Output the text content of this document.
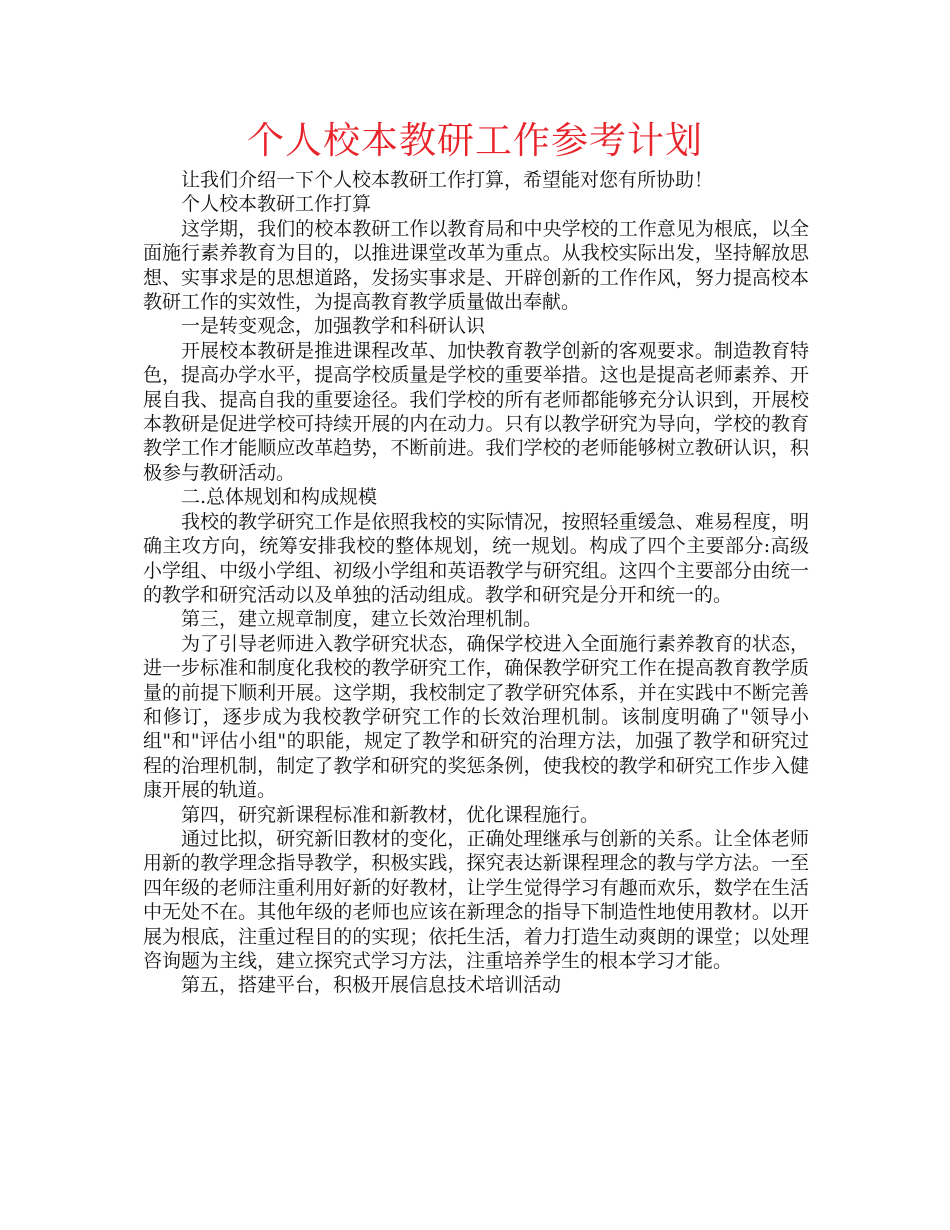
个人校本教研工作参考计划

让我们介绍一下个人校本教研工作打算，希望能对您有所协助！

个人校本教研工作打算

这学期，我们的校本教研工作以教育局和中央学校的工作意见为根底，以全面施行素养教育为目的，以推进课堂改革为重点。从我校实际出发，坚持解放思想、实事求是的思想道路，发扬实事求是、开辟创新的工作作风，努力提高校本教研工作的实效性，为提高教育教学质量做出奉献。

一是转变观念，加强教学和科研认识

开展校本教研是推进课程改革、加快教育教学创新的客观要求。制造教育特色，提高办学水平，提高学校质量是学校的重要举措。这也是提高老师素养、开展自我、提高自我的重要途径。我们学校的所有老师都能够充分认识到，开展校本教研是促进学校可持续开展的内在动力。只有以教学研究为导向，学校的教育教学工作才能顺应改革趋势，不断前进。我们学校的老师能够树立教研认识，积极参与教研活动。

二.总体规划和构成规模

我校的教学研究工作是依照我校的实际情况，按照轻重缓急、难易程度，明确主攻方向，统筹安排我校的整体规划，统一规划。构成了四个主要部分:高级小学组、中级小学组、初级小学组和英语教学与研究组。这四个主要部分由统一的教学和研究活动以及单独的活动组成。教学和研究是分开和统一的。

第三，建立规章制度，建立长效治理机制。

为了引导老师进入教学研究状态，确保学校进入全面施行素养教育的状态，进一步标准和制度化我校的教学研究工作，确保教学研究工作在提高教育教学质量的前提下顺利开展。这学期，我校制定了教学研究体系，并在实践中不断完善和修订，逐步成为我校教学研究工作的长效治理机制。该制度明确了"领导小组"和"评估小组"的职能，规定了教学和研究的治理方法，加强了教学和研究过程的治理机制，制定了教学和研究的奖惩条例，使我校的教学和研究工作步入健康开展的轨道。

第四，研究新课程标准和新教材，优化课程施行。

通过比拟，研究新旧教材的变化，正确处理继承与创新的关系。让全体老师用新的教学理念指导教学，积极实践，探究表达新课程理念的教与学方法。一至四年级的老师注重利用好新的好教材，让学生觉得学习有趣而欢乐，数学在生活中无处不在。其他年级的老师也应该在新理念的指导下制造性地使用教材。以开展为根底，注重过程目的的实现；依托生活，着力打造生动爽朗的课堂；以处理咨询题为主线，建立探究式学习方法，注重培养学生的根本学习才能。

第五，搭建平台，积极开展信息技术培训活动
